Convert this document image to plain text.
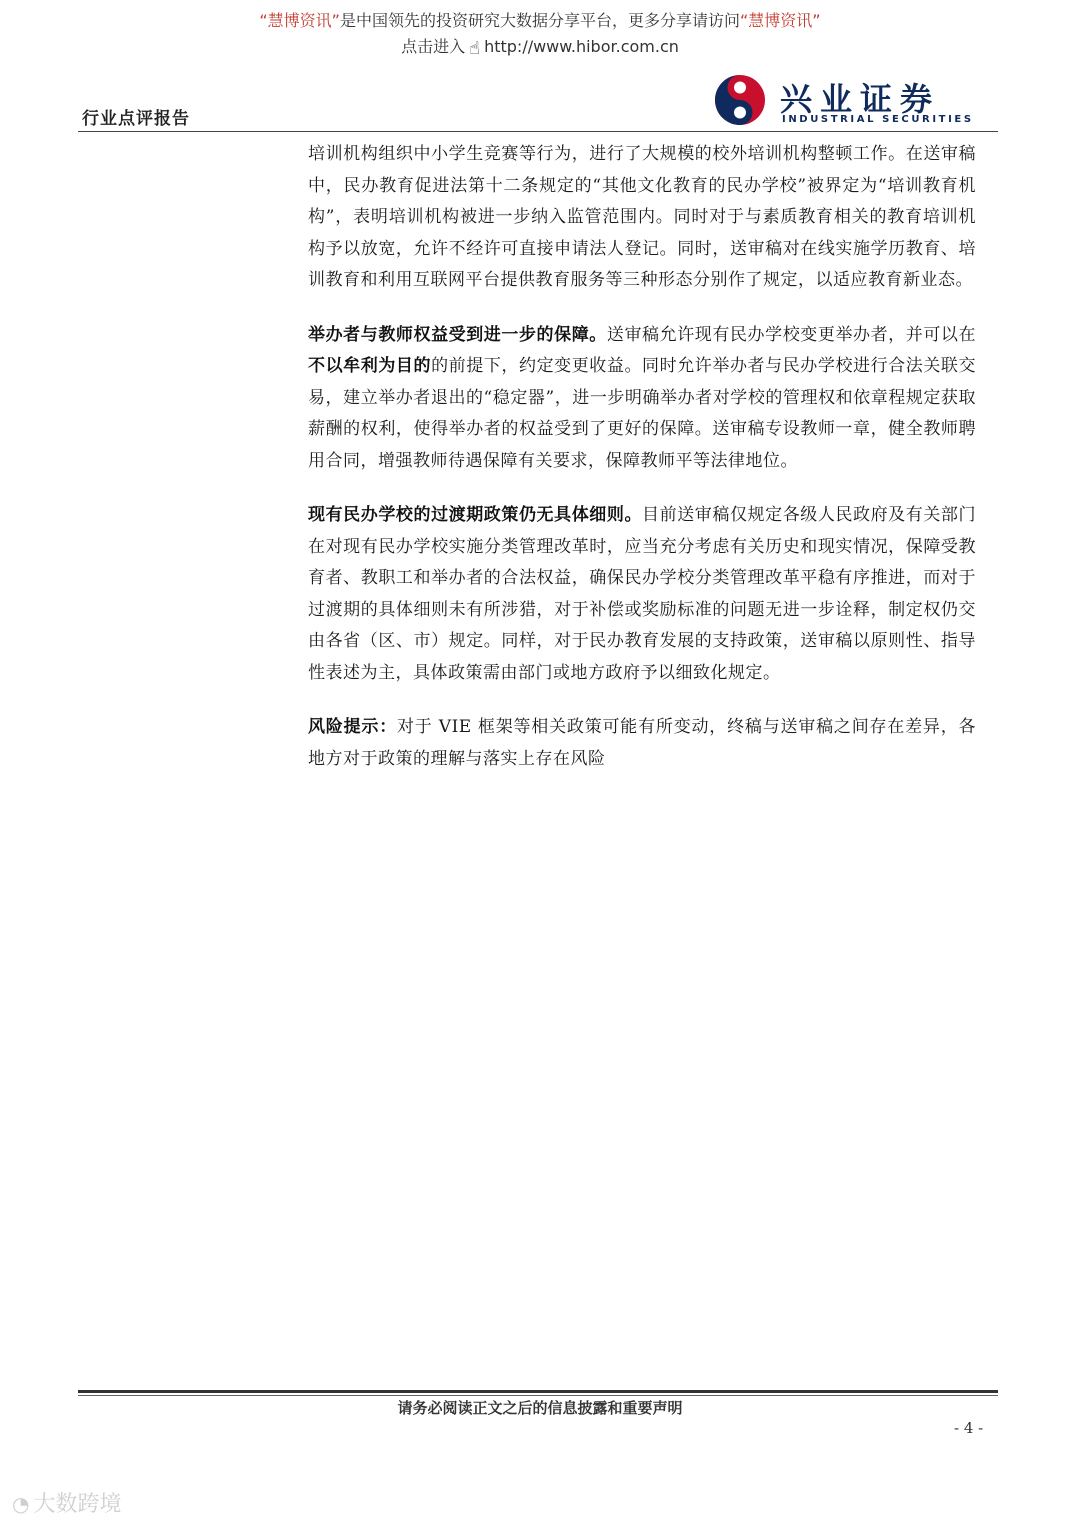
“慧博资讯”是中国领先的投资研究大数据分享平台，更多分享请访问“慧博资讯”
点击进入 ☝ http://www.hibor.com.cn
行业点评报告
兴业证券
INDUSTRIAL SECURITIES

培训机构组织中小学生竞赛等行为，进行了大规模的校外培训机构整顿工作。在送审稿中，民办教育促进法第十二条规定的“其他文化教育的民办学校”被界定为“培训教育机构”，表明培训机构被进一步纳入监管范围内。同时对于与素质教育相关的教育培训机构予以放宽，允许不经许可直接申请法人登记。同时，送审稿对在线实施学历教育、培训教育和利用互联网平台提供教育服务等三种形态分别作了规定，以适应教育新业态。

举办者与教师权益受到进一步的保障。送审稿允许现有民办学校变更举办者，并可以在不以牟利为目的的前提下，约定变更收益。同时允许举办者与民办学校进行合法关联交易，建立举办者退出的“稳定器”，进一步明确举办者对学校的管理权和依章程规定获取薪酬的权利，使得举办者的权益受到了更好的保障。送审稿专设教师一章，健全教师聘用合同，增强教师待遇保障有关要求，保障教师平等法律地位。

现有民办学校的过渡期政策仍无具体细则。目前送审稿仅规定各级人民政府及有关部门在对现有民办学校实施分类管理改革时，应当充分考虑有关历史和现实情况，保障受教育者、教职工和举办者的合法权益，确保民办学校分类管理改革平稳有序推进，而对于过渡期的具体细则未有所涉猎，对于补偿或奖励标准的问题无进一步诠释，制定权仍交由各省（区、市）规定。同样，对于民办教育发展的支持政策，送审稿以原则性、指导性表述为主，具体政策需由部门或地方政府予以细致化规定。

风险提示：对于 VIE 框架等相关政策可能有所变动，终稿与送审稿之间存在差异，各地方对于政策的理解与落实上存在风险

请务必阅读正文之后的信息披露和重要声明
- 4 -
◔ 大数跨境
